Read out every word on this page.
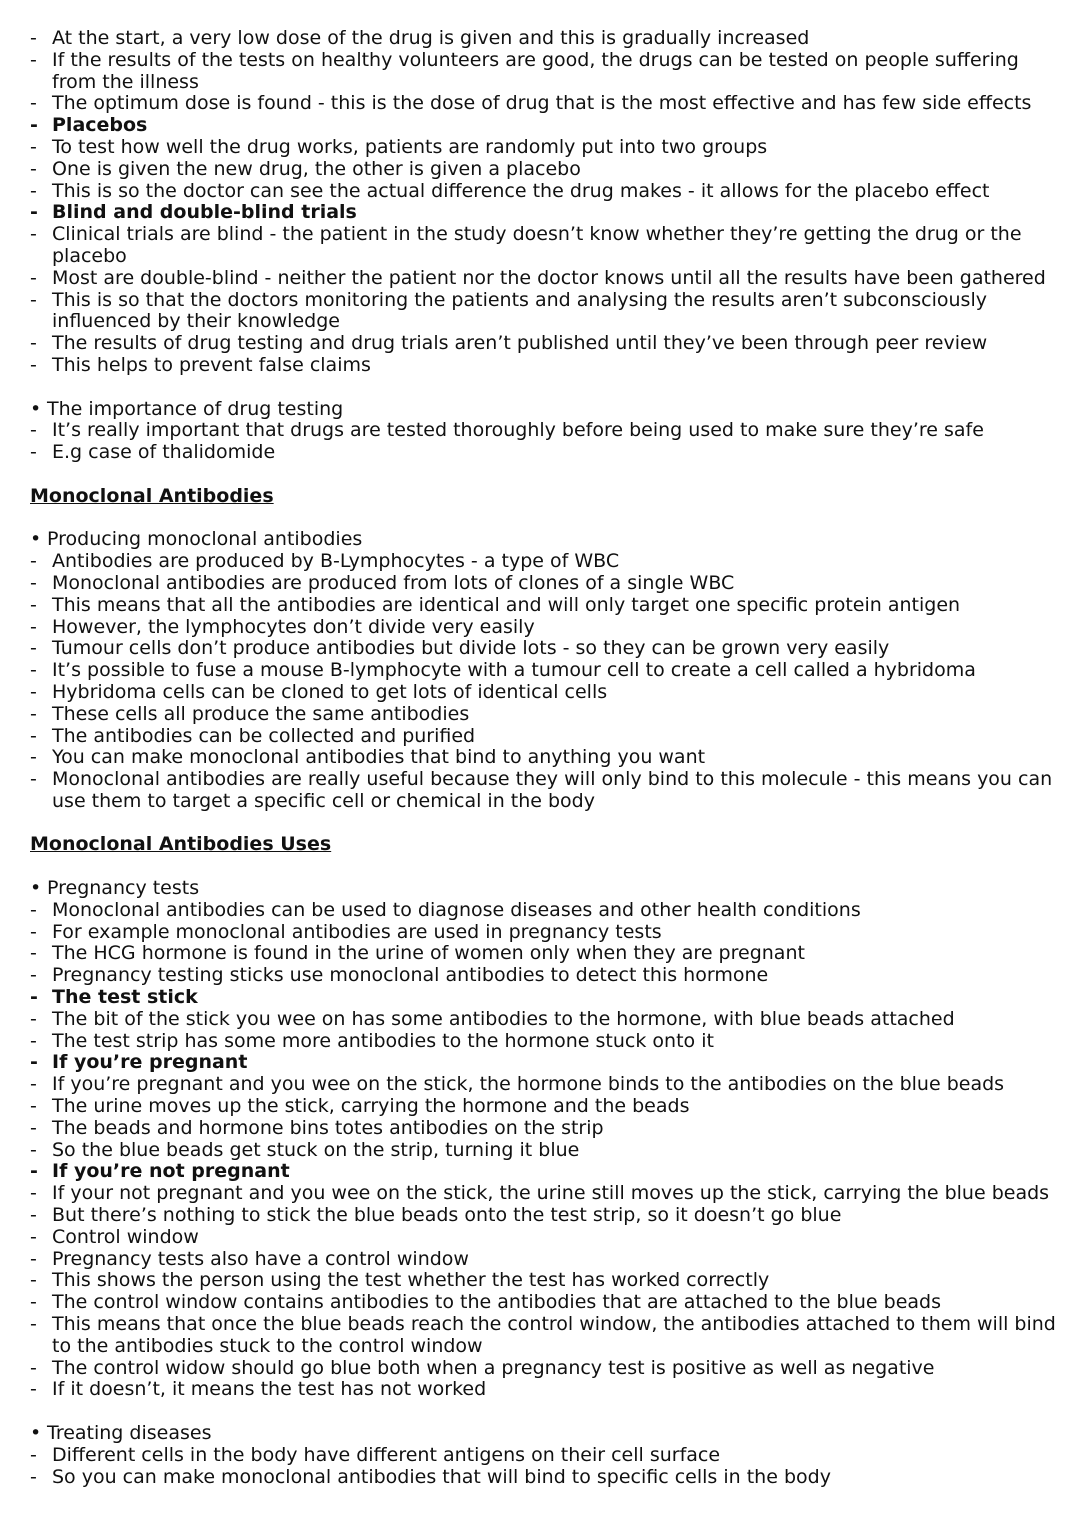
- At the start, a very low dose of the drug is given and this is gradually increased
- If the results of the tests on healthy volunteers are good, the drugs can be tested on people suffering from the illness
- The optimum dose is found - this is the dose of drug that is the most effective and has few side effects
- Placebos
- To test how well the drug works, patients are randomly put into two groups
- One is given the new drug, the other is given a placebo
- This is so the doctor can see the actual difference the drug makes - it allows for the placebo effect
- Blind and double-blind trials
- Clinical trials are blind - the patient in the study doesn’t know whether they’re getting the drug or the placebo
- Most are double-blind - neither the patient nor the doctor knows until all the results have been gathered
- This is so that the doctors monitoring the patients and analysing the results aren’t subconsciously influenced by their knowledge
- The results of drug testing and drug trials aren’t published until they’ve been through peer review
- This helps to prevent false claims
• The importance of drug testing
- It’s really important that drugs are tested thoroughly before being used to make sure they’re safe
- E.g case of thalidomide
Monoclonal Antibodies
• Producing monoclonal antibodies
- Antibodies are produced by B-Lymphocytes - a type of WBC
- Monoclonal antibodies are produced from lots of clones of a single WBC
- This means that all the antibodies are identical and will only target one specific protein antigen
- However, the lymphocytes don’t divide very easily
- Tumour cells don’t produce antibodies but divide lots - so they can be grown very easily
- It’s possible to fuse a mouse B-lymphocyte with a tumour cell to create a cell called a hybridoma
- Hybridoma cells can be cloned to get lots of identical cells
- These cells all produce the same antibodies
- The antibodies can be collected and purified
- You can make monoclonal antibodies that bind to anything you want
- Monoclonal antibodies are really useful because they will only bind to this molecule - this means you can use them to target a specific cell or chemical in the body
Monoclonal Antibodies Uses
• Pregnancy tests
- Monoclonal antibodies can be used to diagnose diseases and other health conditions
- For example monoclonal antibodies are used in pregnancy tests
- The HCG hormone is found in the urine of women only when they are pregnant
- Pregnancy testing sticks use monoclonal antibodies to detect this hormone
- The test stick
- The bit of the stick you wee on has some antibodies to the hormone, with blue beads attached
- The test strip has some more antibodies to the hormone stuck onto it
- If you’re pregnant
- If you’re pregnant and you wee on the stick, the hormone binds to the antibodies on the blue beads
- The urine moves up the stick, carrying the hormone and the beads
- The beads and hormone bins totes antibodies on the strip
- So the blue beads get stuck on the strip, turning it blue
- If you’re not pregnant
- If your not pregnant and you wee on the stick, the urine still moves up the stick, carrying the blue beads
- But there’s nothing to stick the blue beads onto the test strip, so it doesn’t go blue
- Control window
- Pregnancy tests also have a control window
- This shows the person using the test whether the test has worked correctly
- The control window contains antibodies to the antibodies that are attached to the blue beads
- This means that once the blue beads reach the control window, the antibodies attached to them will bind to the antibodies stuck to the control window
- The control widow should go blue both when a pregnancy test is positive as well as negative
- If it doesn’t, it means the test has not worked
• Treating diseases
- Different cells in the body have different antigens on their cell surface
- So you can make monoclonal antibodies that will bind to specific cells in the body
